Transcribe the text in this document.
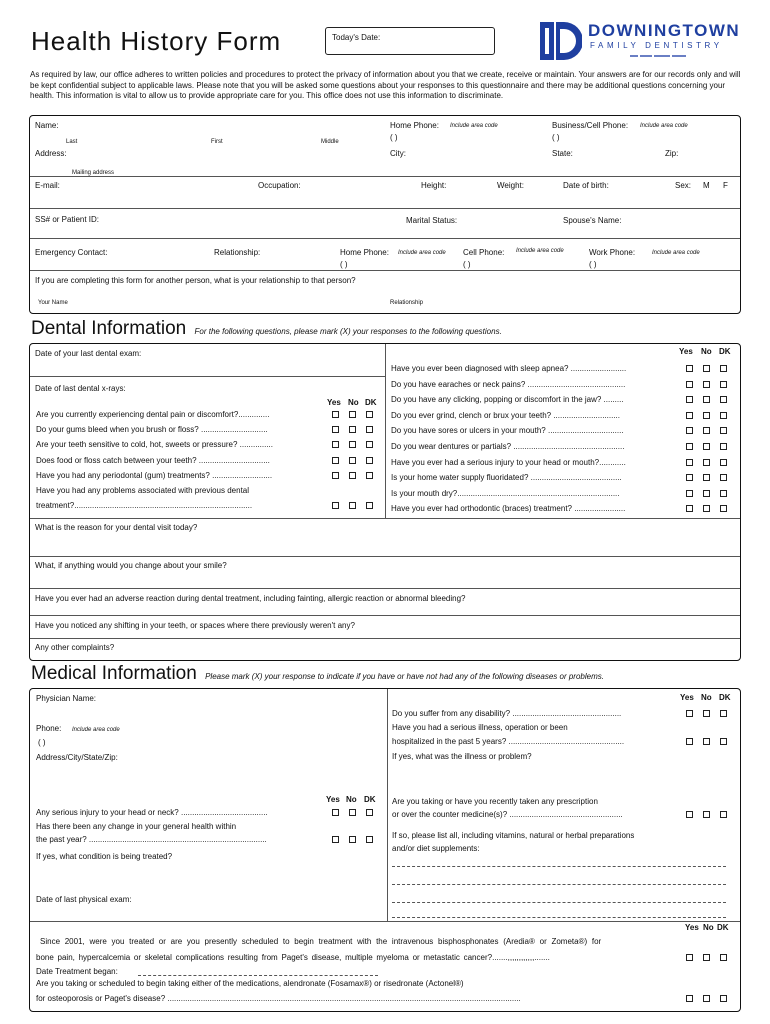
Health History Form	Today's Date:	DOWNINGTOWN
FAMILY DENTISTRY
As required by law, our office adheres to written policies and procedures to protect the privacy of information about you that we create, receive or maintain. Your answers are for our records only and will be kept confidential subject to applicable laws. Please note that you will be asked some questions about your responses to this questionnaire and there may be additional questions concerning your health. This information is vital to allow us to provide appropriate care for you. This office does not use this information to discriminate.
Name:
Last	First	Middle
Home Phone: Include area code
( )
Business/Cell Phone: Include area code
( )
Address:
Mailing address
City:	State:	Zip:
E-mail:	Occupation:	Height:	Weight:	Date of birth:	Sex: M F
SS# or Patient ID:	Marital Status:	Spouse's Name:
Emergency Contact:	Relationship:	Home Phone: Include area code
( )
Cell Phone: Include area code
( )
Work Phone:	Include area code
( )
If you are completing this form for another person, what is your relationship to that person?
Your Name	Relationship
Dental Information For the following questions, please mark (X) your responses to the following questions.
Date of your last dental exam:
Date of last dental x-rays:
Yes No DK
Yes No DK
Are you currently experiencing dental pain or discomfort?..............
Do your gums bleed when you brush or floss? ..............................
Are your teeth sensitive to cold, hot, sweets or pressure? ...............
Does food or floss catch between your teeth? ................................
Have you had any periodontal (gum) treatments? ...........................
Have you had any problems associated with previous dental
treatment?................................................................................
Have you ever been diagnosed with sleep apnea? .........................
Do you have earaches or neck pains? ............................................
Do you have any clicking, popping or discomfort in the jaw? .........
Do you ever grind, clench or brux your teeth? ..............................
Do you have sores or ulcers in your mouth? ..................................
Do you wear dentures or partials? ..................................................
Have you ever had a serious injury to your head or mouth?............
Is your home water supply fluoridated? .........................................
Is your mouth dry?.........................................................................
Have you ever had orthodontic (braces) treatment? .......................
What is the reason for your dental visit today?
What, if anything would you change about your smile?
Have you ever had an adverse reaction during dental treatment, including fainting, allergic reaction or abnormal bleeding?
Have you noticed any shifting in your teeth, or spaces where there previously weren't any?
Any other complaints?
Medical Information Please mark (X) your response to indicate if you have or have not had any of the following diseases or problems.
Physician Name:
Phone: Include area code
( )
Address/City/State/Zip:
Yes No DK
Any serious injury to your head or neck? .......................................
Has there been any change in your general health within
the past year? ................................................................................
If yes, what condition is being treated?
Date of last physical exam:
Yes No DK
Do you suffer from any disability? .................................................
Have you had a serious illness, operation or been
hospitalized in the past 5 years? ....................................................
If yes, what was the illness or problem?
Are you taking or have you recently taken any prescription
or over the counter medicine(s)? ...................................................
If so, please list all, including vitamins, natural or herbal preparations
and/or diet supplements:
Yes No DK
Since 2001, were you treated or are you presently scheduled to begin treatment with the intravenous bisphosphonates (Aredia® or Zometa®) for
bone pain, hypercalcemia or skeletal complications resulting from Paget's disease, multiple myeloma or metastatic cancer?.......,,,,,,,,,,,,.......
Date Treatment began:
Are you taking or scheduled to begin taking either of the medications, alendronate (Fosamax®) or risedronate (Actonel®)
for osteoporosis or Paget's disease? ...............................................................................................................................................................
